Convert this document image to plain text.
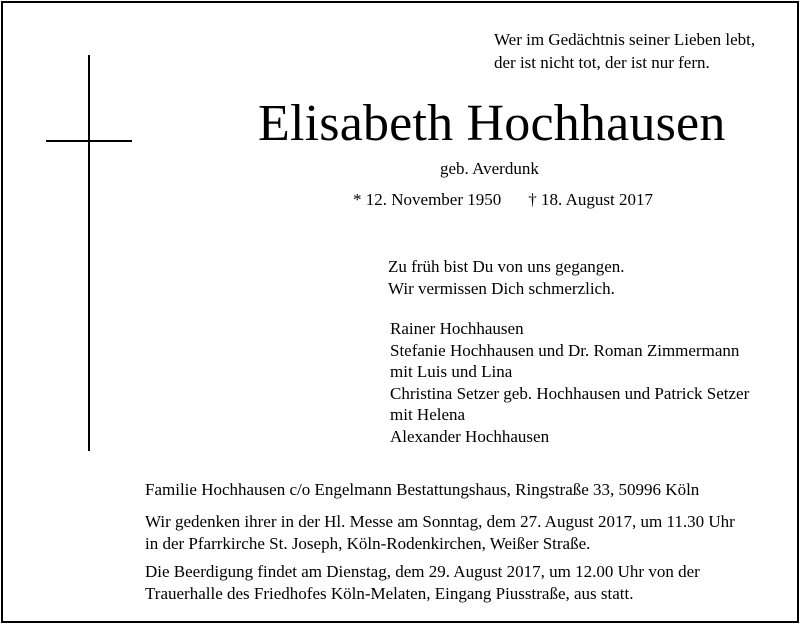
Wer im Gedächtnis seiner Lieben lebt,
der ist nicht tot, der ist nur fern.
Elisabeth Hochhausen
geb. Averdunk
* 12. November 1950 † 18. August 2017
Zu früh bist Du von uns gegangen.
Wir vermissen Dich schmerzlich.
Rainer Hochhausen
Stefanie Hochhausen und Dr. Roman Zimmermann
mit Luis und Lina
Christina Setzer geb. Hochhausen und Patrick Setzer
mit Helena
Alexander Hochhausen
Familie Hochhausen c/o Engelmann Bestattungshaus, Ringstraße 33, 50996 Köln
Wir gedenken ihrer in der Hl. Messe am Sonntag, dem 27. August 2017, um 11.30 Uhr
in der Pfarrkirche St. Joseph, Köln-Rodenkirchen, Weißer Straße.
Die Beerdigung findet am Dienstag, dem 29. August 2017, um 12.00 Uhr von der
Trauerhalle des Friedhofes Köln-Melaten, Eingang Piusstraße, aus statt.
